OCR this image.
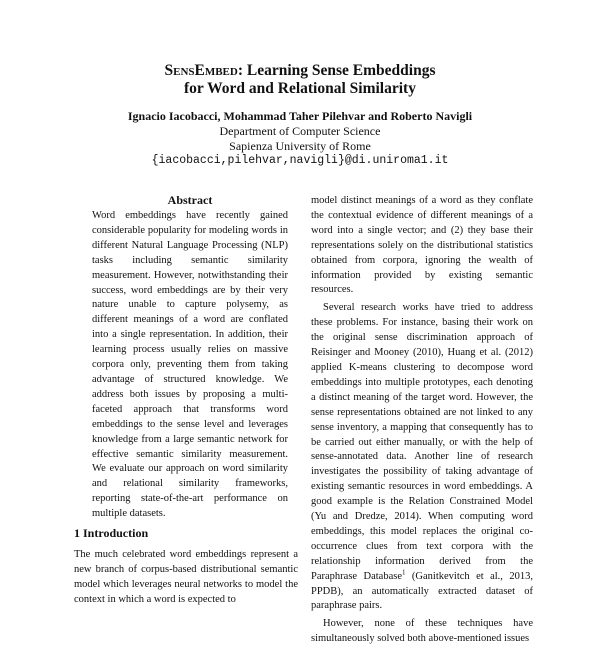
SensEmbed: Learning Sense Embeddings
for Word and Relational Similarity
Ignacio Iacobacci, Mohammad Taher Pilehvar and Roberto Navigli
Department of Computer Science
Sapienza University of Rome
{iacobacci,pilehvar,navigli}@di.uniroma1.it
Abstract
Word embeddings have recently gained considerable popularity for modeling words in different Natural Language Processing (NLP) tasks including semantic similarity measurement. However, notwithstanding their success, word embeddings are by their very nature unable to capture polysemy, as different meanings of a word are conflated into a single representation. In addition, their learning process usually relies on massive corpora only, preventing them from taking advantage of structured knowledge. We address both issues by proposing a multi-faceted approach that transforms word embeddings to the sense level and leverages knowledge from a large semantic network for effective semantic similarity measurement. We evaluate our approach on word similarity and relational similarity frameworks, reporting state-of-the-art performance on multiple datasets.
1 Introduction
The much celebrated word embeddings represent a new branch of corpus-based distributional semantic model which leverages neural networks to model the context in which a word is expected to

model distinct meanings of a word as they conflate the contextual evidence of different meanings of a word into a single vector; and (2) they base their representations solely on the distributional statistics obtained from corpora, ignoring the wealth of information provided by existing semantic resources.

Several research works have tried to address these problems. For instance, basing their work on the original sense discrimination approach of Reisinger and Mooney (2010), Huang et al. (2012) applied K-means clustering to decompose word embeddings into multiple prototypes, each denoting a distinct meaning of the target word. However, the sense representations obtained are not linked to any sense inventory, a mapping that consequently has to be carried out either manually, or with the help of sense-annotated data. Another line of research investigates the possibility of taking advantage of existing semantic resources in word embeddings. A good example is the Relation Constrained Model (Yu and Dredze, 2014). When computing word embeddings, this model replaces the original co-occurrence clues from text corpora with the relationship information derived from the Paraphrase Database$^1$ (Ganitkevitch et al., 2013, PPDB), an automatically extracted dataset of paraphrase pairs.

However, none of these techniques have simultaneously solved both above-mentioned issues
